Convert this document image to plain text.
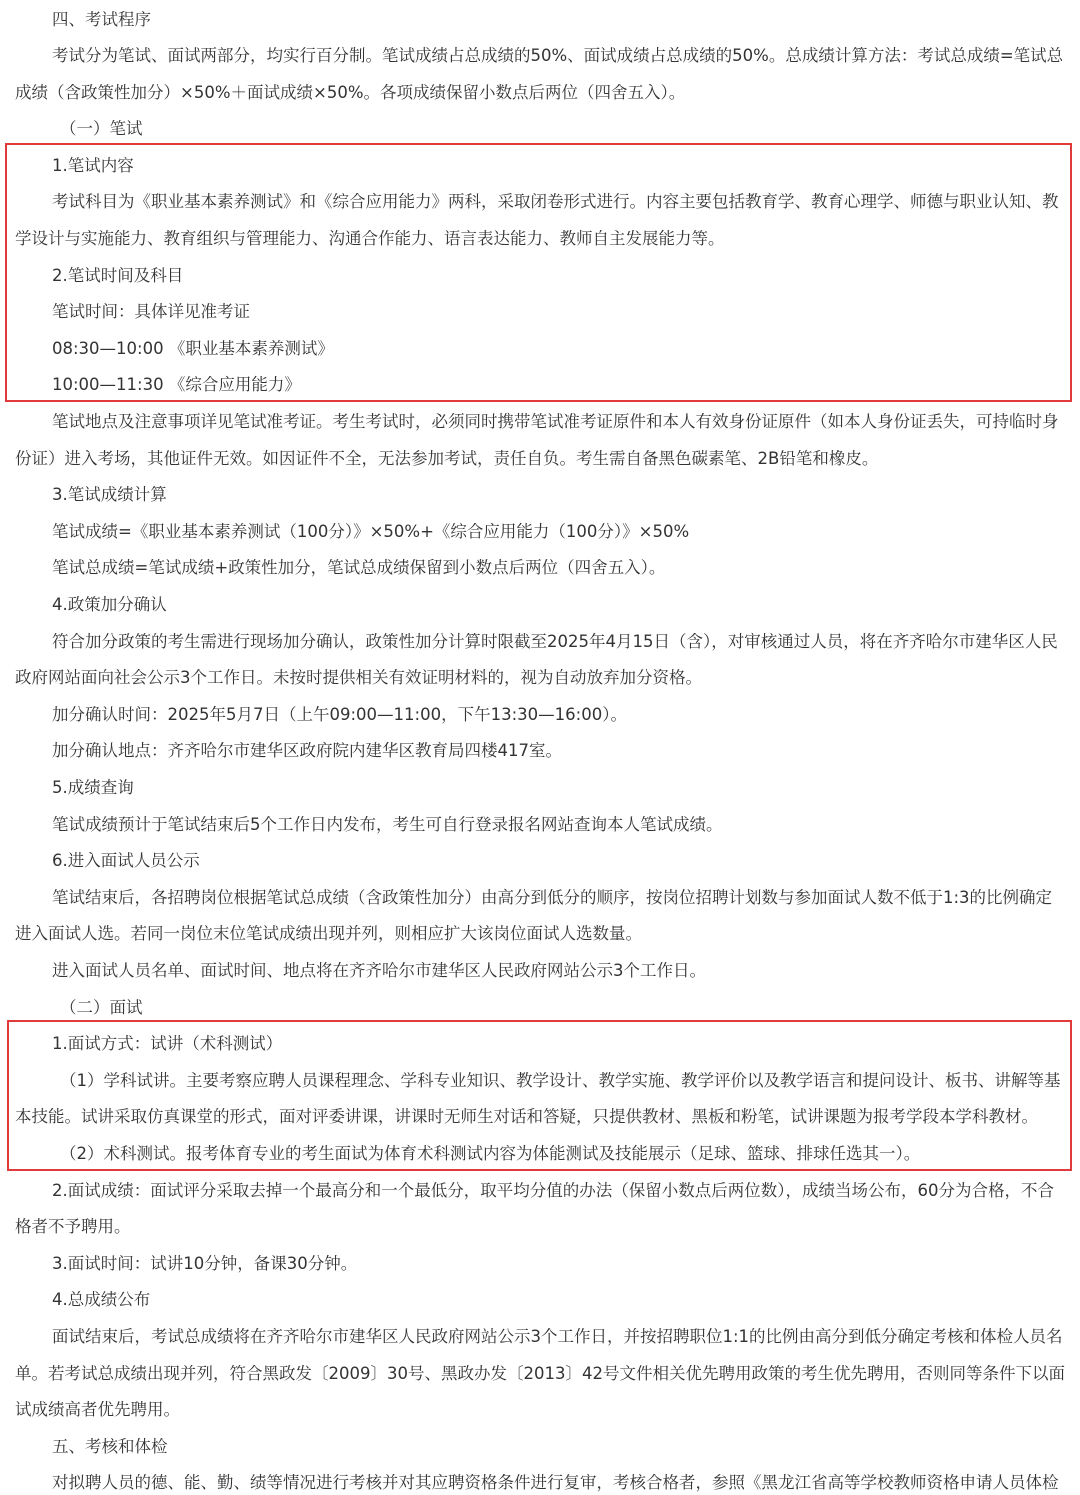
四、考试程序
考试分为笔试、面试两部分，均实行百分制。笔试成绩占总成绩的50%、面试成绩占总成绩的50%。总成绩计算方法：考试总成绩=笔试总
成绩（含政策性加分）×50%＋面试成绩×50%。各项成绩保留小数点后两位（四舍五入）。
（一）笔试
1.笔试内容
考试科目为《职业基本素养测试》和《综合应用能力》两科，采取闭卷形式进行。内容主要包括教育学、教育心理学、师德与职业认知、教
学设计与实施能力、教育组织与管理能力、沟通合作能力、语言表达能力、教师自主发展能力等。
2.笔试时间及科目
笔试时间：具体详见准考证
08:30—10:00 《职业基本素养测试》
10:00—11:30 《综合应用能力》
笔试地点及注意事项详见笔试准考证。考生考试时，必须同时携带笔试准考证原件和本人有效身份证原件（如本人身份证丢失，可持临时身
份证）进入考场，其他证件无效。如因证件不全，无法参加考试，责任自负。考生需自备黑色碳素笔、2B铅笔和橡皮。
3.笔试成绩计算
笔试成绩=《职业基本素养测试（100分）》×50%+《综合应用能力（100分）》×50%
笔试总成绩=笔试成绩+政策性加分，笔试总成绩保留到小数点后两位（四舍五入）。
4.政策加分确认
符合加分政策的考生需进行现场加分确认，政策性加分计算时限截至2025年4月15日（含），对审核通过人员，将在齐齐哈尔市建华区人民
政府网站面向社会公示3个工作日。未按时提供相关有效证明材料的，视为自动放弃加分资格。
加分确认时间：2025年5月7日（上午09:00—11:00，下午13:30—16:00）。
加分确认地点：齐齐哈尔市建华区政府院内建华区教育局四楼417室。
5.成绩查询
笔试成绩预计于笔试结束后5个工作日内发布，考生可自行登录报名网站查询本人笔试成绩。
6.进入面试人员公示
笔试结束后，各招聘岗位根据笔试总成绩（含政策性加分）由高分到低分的顺序，按岗位招聘计划数与参加面试人数不低于1:3的比例确定
进入面试人选。若同一岗位末位笔试成绩出现并列，则相应扩大该岗位面试人选数量。
进入面试人员名单、面试时间、地点将在齐齐哈尔市建华区人民政府网站公示3个工作日。
（二）面试
1.面试方式：试讲（术科测试）
（1）学科试讲。主要考察应聘人员课程理念、学科专业知识、教学设计、教学实施、教学评价以及教学语言和提问设计、板书、讲解等基
本技能。试讲采取仿真课堂的形式，面对评委讲课，讲课时无师生对话和答疑，只提供教材、黑板和粉笔，试讲课题为报考学段本学科教材。
（2）术科测试。报考体育专业的考生面试为体育术科测试内容为体能测试及技能展示（足球、篮球、排球任选其一）。
2.面试成绩：面试评分采取去掉一个最高分和一个最低分，取平均分值的办法（保留小数点后两位数），成绩当场公布，60分为合格，不合
格者不予聘用。
3.面试时间：试讲10分钟，备课30分钟。
4.总成绩公布
面试结束后，考试总成绩将在齐齐哈尔市建华区人民政府网站公示3个工作日，并按招聘职位1:1的比例由高分到低分确定考核和体检人员名
单。若考试总成绩出现并列，符合黑政发〔2009〕30号、黑政办发〔2013〕42号文件相关优先聘用政策的考生优先聘用，否则同等条件下以面
试成绩高者优先聘用。
五、考核和体检
对拟聘人员的德、能、勤、绩等情况进行考核并对其应聘资格条件进行复审，考核合格者，参照《黑龙江省高等学校教师资格申请人员体检
